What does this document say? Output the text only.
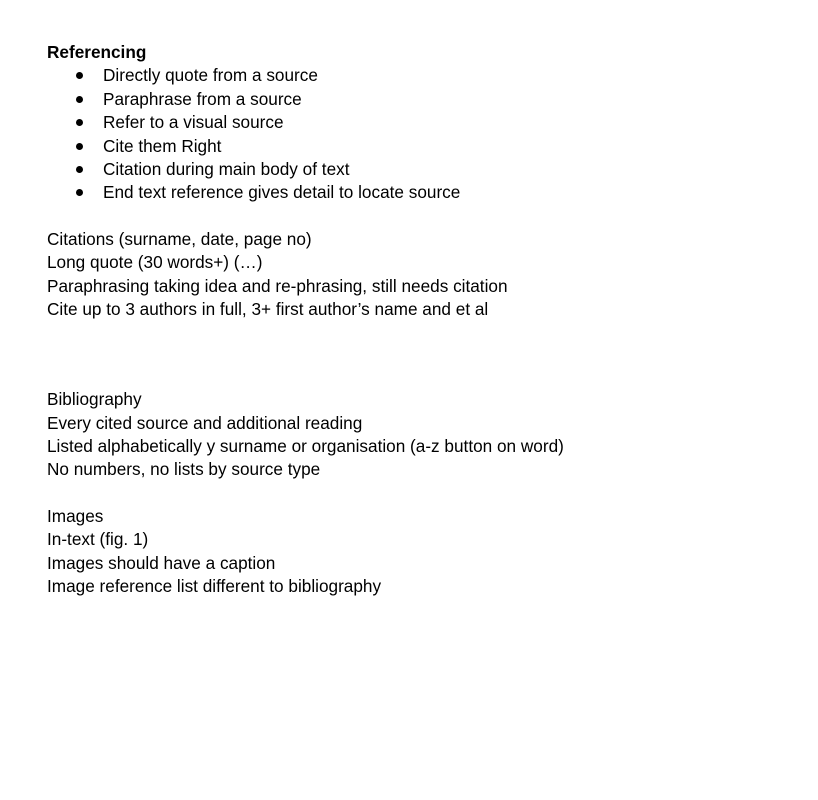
Referencing
Directly quote from a source
Paraphrase from a source
Refer to a visual source
Cite them Right
Citation during main body of text
End text reference gives detail to locate source
Citations (surname, date, page no)
Long quote (30 words+) (…)
Paraphrasing taking idea and re-phrasing, still needs citation
Cite up to 3 authors in full, 3+ first author’s name and et al
Bibliography
Every cited source and additional reading
Listed alphabetically y surname or organisation (a-z button on word)
No numbers, no lists by source type
Images
In-text (fig. 1)
Images should have a caption
Image reference list different to bibliography
